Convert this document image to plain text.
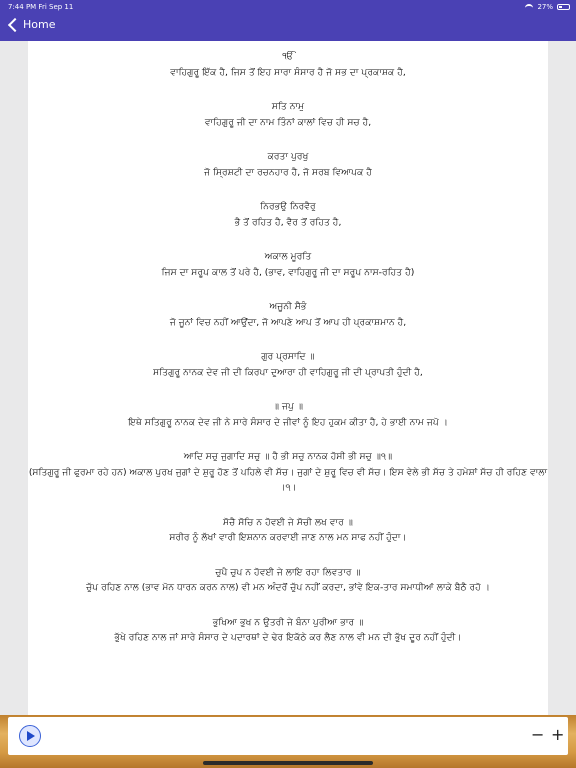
7:44 PM Fri Sep 11	27%
Home
ੴ
ਵਾਹਿਗੁਰੂ ਇੱਕ ਹੈ, ਜਿਸ ਤੋਂ ਇਹ ਸਾਰਾ ਸੰਸਾਰ ਹੈ ਜੋ ਸਭ ਦਾ ਪ੍ਰਕਾਸ਼ਕ ਹੈ,
ਸਤਿ ਨਾਮੁ
ਵਾਹਿਗੁਰੂ ਜੀ ਦਾ ਨਾਮ ਤਿੰਨਾਂ ਕਾਲਾਂ ਵਿਚ ਹੀ ਸਚ ਹੈ,
ਕਰਤਾ ਪੁਰਖੁ
ਜੋ ਸ੍ਰਿਸ਼ਟੀ ਦਾ ਰਚਨਹਾਰ ਹੈ, ਜੋ ਸਰਬ ਵਿਆਪਕ ਹੈ
ਨਿਰਭਉ ਨਿਰਵੈਰੁ
ਭੈ ਤੋਂ ਰਹਿਤ ਹੈ, ਵੈਰ ਤੋਂ ਰਹਿਤ ਹੈ,
ਅਕਾਲ ਮੂਰਤਿ
ਜਿਸ ਦਾ ਸਰੂਪ ਕਾਲ ਤੋਂ ਪਰੇ ਹੈ, (ਭਾਵ, ਵਾਹਿਗੁਰੂ ਜੀ ਦਾ ਸਰੂਪ ਨਾਸ-ਰਹਿਤ ਹੈ)
ਅਜੂਨੀ ਸੈਭੰ
ਜੋ ਜੂਨਾਂ ਵਿਚ ਨਹੀਂ ਆਉਂਦਾ, ਜੋ ਆਪਣੇ ਆਪ ਤੋਂ ਆਪ ਹੀ ਪ੍ਰਕਾਸ਼ਮਾਨ ਹੈ,
ਗੁਰ ਪ੍ਰਸਾਦਿ ॥
ਸਤਿਗੁਰੂ ਨਾਨਕ ਦੇਵ ਜੀ ਦੀ ਕਿਰਪਾ ਦੁਆਰਾ ਹੀ ਵਾਹਿਗੁਰੂ ਜੀ ਦੀ ਪ੍ਰਾਪਤੀ ਹੁੰਦੀ ਹੈ,
॥ ਜਪੁ ॥
ਇਥੇ ਸਤਿਗੁਰੂ ਨਾਨਕ ਦੇਵ ਜੀ ਨੇ ਸਾਰੇ ਸੰਸਾਰ ਦੇ ਜੀਵਾਂ ਨੂੰ ਇਹ ਹੁਕਮ ਕੀਤਾ ਹੈ, ਹੇ ਭਾਈ ਨਾਮ ਜਪੋ ।
ਆਦਿ ਸਚੁ ਜੁਗਾਦਿ ਸਚੁ ॥ ਹੈ ਭੀ ਸਚੁ ਨਾਨਕ ਹੋਸੀ ਭੀ ਸਚੁ ॥੧॥
(ਸਤਿਗੁਰੂ ਜੀ ਫੁਰਮਾ ਰਹੇ ਹਨ) ਅਕਾਲ ਪੁਰਖ ਜੁਗਾਂ ਦੇ ਸ਼ੁਰੂ ਹੋਣ ਤੋਂ ਪਹਿਲੇ ਵੀ ਸੱਚ। ਜੁਗਾਂ ਦੇ ਸ਼ੁਰੂ ਵਿਚ ਵੀ ਸੱਚ। ਇਸ ਵੇਲੇ ਭੀ ਸੱਚ ਤੇ ਹਮੇਸ਼ਾਂ ਸੱਚ ਹੀ ਰਹਿਣ ਵਾਲਾ ।੧।
ਸੋਚੈ ਸੋਚਿ ਨ ਹੋਵਈ ਜੇ ਸੋਚੀ ਲਖ ਵਾਰ ॥
ਸਰੀਰ ਨੂੰ ਲੱਖਾਂ ਵਾਰੀ ਇਸ਼ਨਾਨ ਕਰਵਾਈ ਜਾਣ ਨਾਲ ਮਨ ਸਾਫ ਨਹੀਂ ਹੁੰਦਾ।
ਚੁਪੈ ਚੁਪ ਨ ਹੋਵਈ ਜੇ ਲਾਇ ਰਹਾ ਲਿਵਤਾਰ ॥
ਚੁੱਪ ਰਹਿਣ ਨਾਲ (ਭਾਵ ਮੋਨ ਧਾਰਨ ਕਰਨ ਨਾਲ) ਵੀ ਮਨ ਅੰਦਰੋਂ ਚੁੱਪ ਨਹੀਂ ਕਰਦਾ, ਭਾਂਵੇ ਇਕ-ਤਾਰ ਸਮਾਧੀਆਂ ਲਾਕੇ ਬੈਠੈ ਰਹੋ ।
ਭੁਖਿਆ ਭੁਖ ਨ ਉਤਰੀ ਜੇ ਬੰਨਾ ਪੁਰੀਆ ਭਾਰ ॥
ਭੁੱਖੇ ਰਹਿਣ ਨਾਲ ਜਾਂ ਸਾਰੇ ਸੰਸਾਰ ਦੇ ਪਦਾਰਥਾਂ ਦੇ ਢੇਰ ਇਕੱਠੇ ਕਰ ਲੈਣ ਨਾਲ ਵੀ ਮਨ ਦੀ ਭੁੱਖ ਦੂਰ ਨਹੀਂ ਹੁੰਦੀ।
− +
